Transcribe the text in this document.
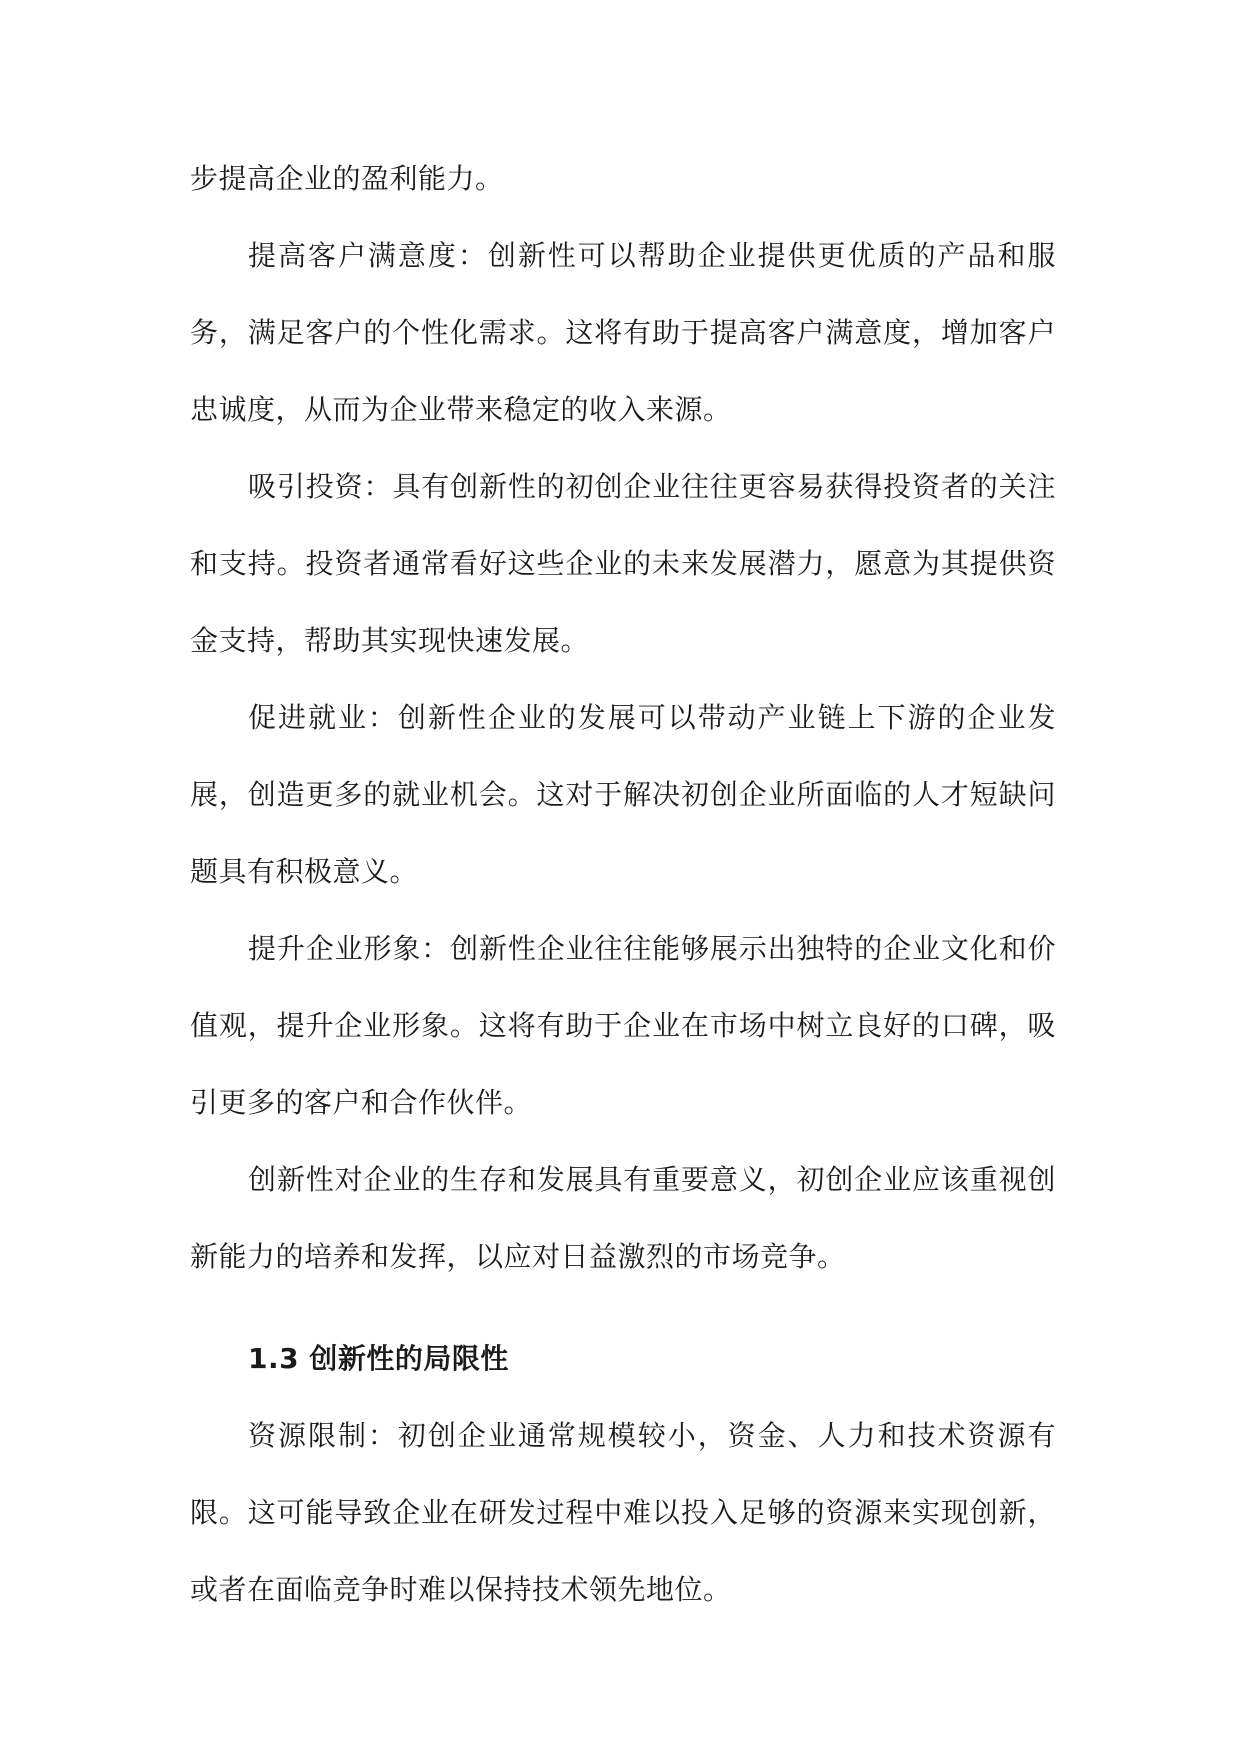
步提高企业的盈利能力。

提高客户满意度：创新性可以帮助企业提供更优质的产品和服务，满足客户的个性化需求。这将有助于提高客户满意度，增加客户忠诚度，从而为企业带来稳定的收入来源。

吸引投资：具有创新性的初创企业往往更容易获得投资者的关注和支持。投资者通常看好这些企业的未来发展潜力，愿意为其提供资金支持，帮助其实现快速发展。

促进就业：创新性企业的发展可以带动产业链上下游的企业发展，创造更多的就业机会。这对于解决初创企业所面临的人才短缺问题具有积极意义。

提升企业形象：创新性企业往往能够展示出独特的企业文化和价值观，提升企业形象。这将有助于企业在市场中树立良好的口碑，吸引更多的客户和合作伙伴。

创新性对企业的生存和发展具有重要意义，初创企业应该重视创新能力的培养和发挥，以应对日益激烈的市场竞争。

1.3 创新性的局限性

资源限制：初创企业通常规模较小，资金、人力和技术资源有限。这可能导致企业在研发过程中难以投入足够的资源来实现创新，或者在面临竞争时难以保持技术领先地位。
